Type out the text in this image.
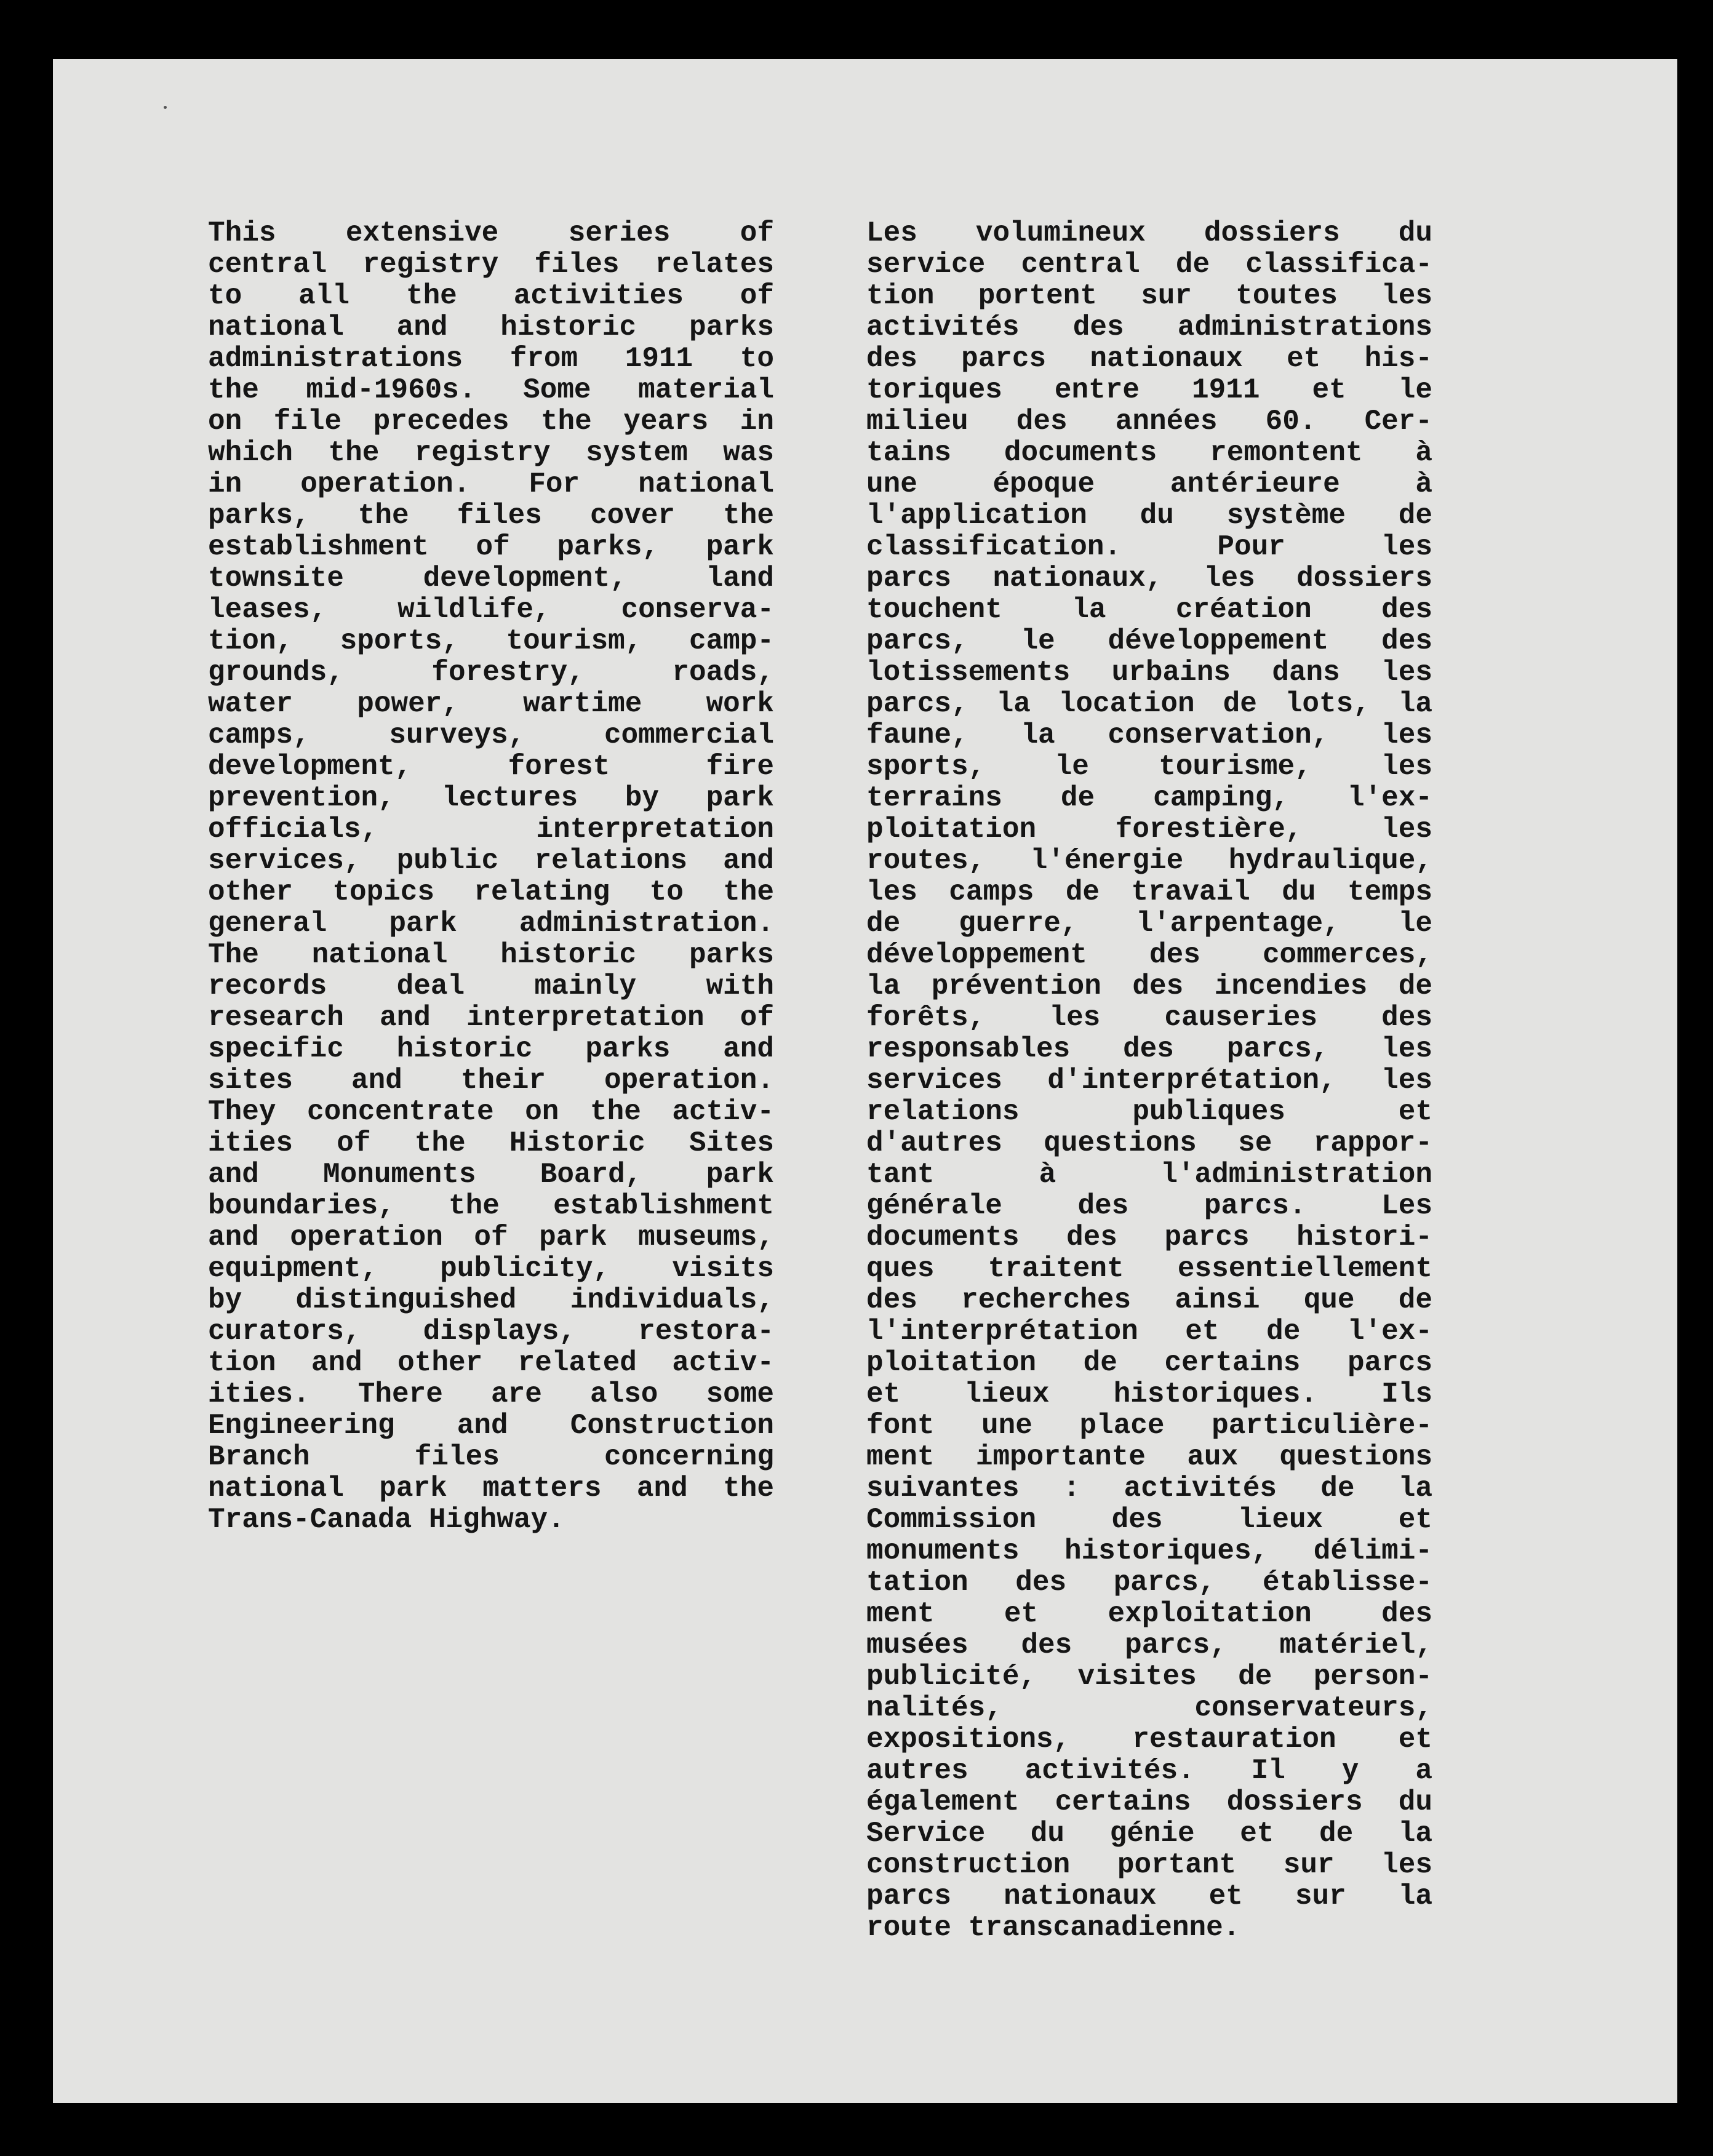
This extensive series of
central registry files relates
to all the activities of
national and historic parks
administrations from 1911 to
the mid-1960s. Some material
on file precedes the years in
which the registry system was
in operation. For national
parks, the files cover the
establishment of parks, park
townsite development, land
leases, wildlife, conserva-
tion, sports, tourism, camp-
grounds, forestry, roads,
water power, wartime work
camps, surveys, commercial
development, forest fire
prevention, lectures by park
officials, interpretation
services, public relations and
other topics relating to the
general park administration.
The national historic parks
records deal mainly with
research and interpretation of
specific historic parks and
sites and their operation.
They concentrate on the activ-
ities of the Historic Sites
and Monuments Board, park
boundaries, the establishment
and operation of park museums,
equipment, publicity, visits
by distinguished individuals,
curators, displays, restora-
tion and other related activ-
ities. There are also some
Engineering and Construction
Branch files concerning
national park matters and the
Trans-Canada Highway.
Les volumineux dossiers du
service central de classifica-
tion portent sur toutes les
activités des administrations
des parcs nationaux et his-
toriques entre 1911 et le
milieu des années 60. Cer-
tains documents remontent à
une époque antérieure à
l'application du système de
classification. Pour les
parcs nationaux, les dossiers
touchent la création des
parcs, le développement des
lotissements urbains dans les
parcs, la location de lots, la
faune, la conservation, les
sports, le tourisme, les
terrains de camping, l'ex-
ploitation forestière, les
routes, l'énergie hydraulique,
les camps de travail du temps
de guerre, l'arpentage, le
développement des commerces,
la prévention des incendies de
forêts, les causeries des
responsables des parcs, les
services d'interprétation, les
relations publiques et
d'autres questions se rappor-
tant à l'administration
générale des parcs. Les
documents des parcs histori-
ques traitent essentiellement
des recherches ainsi que de
l'interprétation et de l'ex-
ploitation de certains parcs
et lieux historiques. Ils
font une place particulière-
ment importante aux questions
suivantes : activités de la
Commission des lieux et
monuments historiques, délimi-
tation des parcs, établisse-
ment et exploitation des
musées des parcs, matériel,
publicité, visites de person-
nalités, conservateurs,
expositions, restauration et
autres activités. Il y a
également certains dossiers du
Service du génie et de la
construction portant sur les
parcs nationaux et sur la
route transcanadienne.
